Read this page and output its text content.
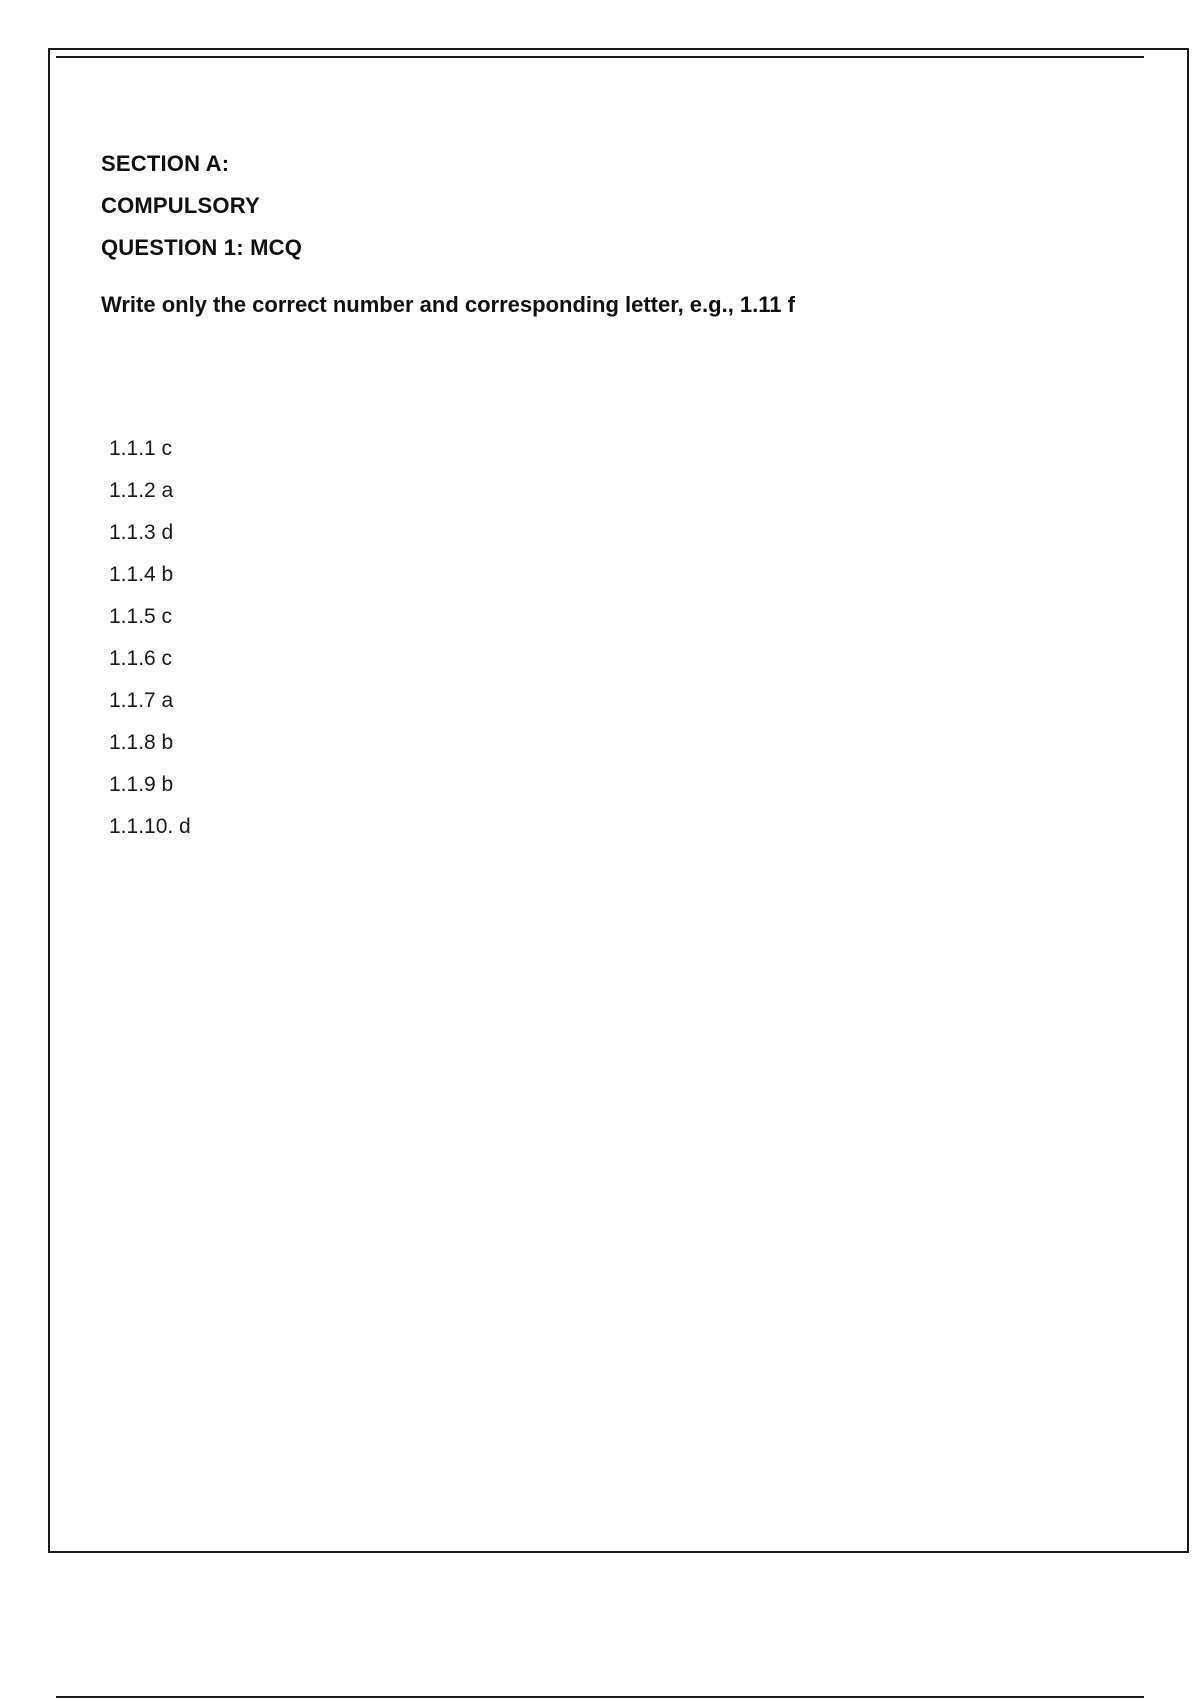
SECTION A:
COMPULSORY
QUESTION 1: MCQ
Write only the correct number and corresponding letter, e.g., 1.11 f
1.1.1 c
1.1.2 a
1.1.3 d
1.1.4 b
1.1.5 c
1.1.6 c
1.1.7 a
1.1.8 b
1.1.9 b
1.1.10. d
